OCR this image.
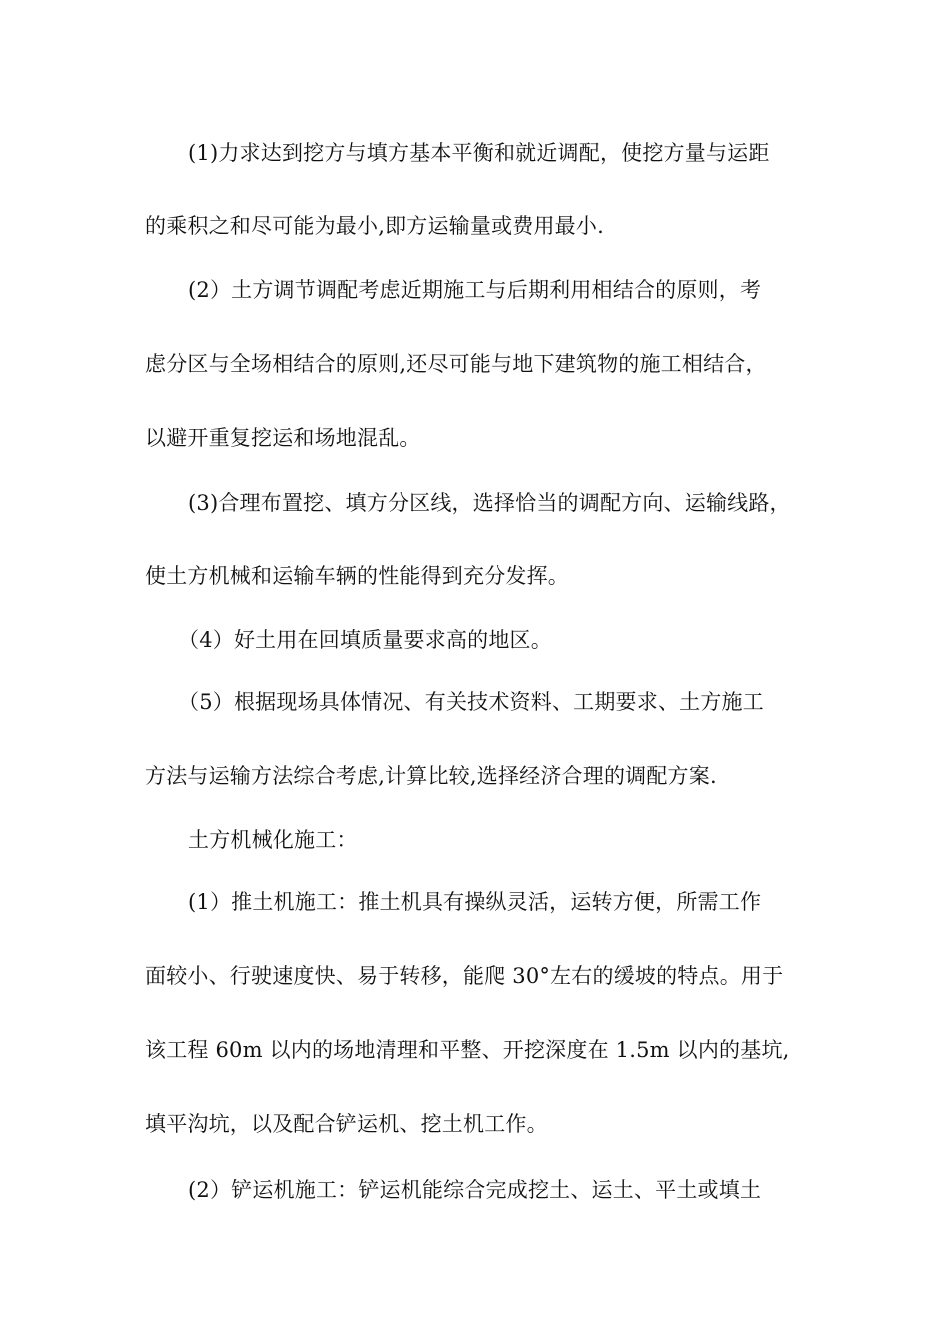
(1)力求达到挖方与填方基本平衡和就近调配，使挖方量与运距
的乘积之和尽可能为最小,即方运输量或费用最小.
(2）土方调节调配考虑近期施工与后期利用相结合的原则，考
虑分区与全场相结合的原则,还尽可能与地下建筑物的施工相结合，
以避开重复挖运和场地混乱。
(3)合理布置挖、填方分区线，选择恰当的调配方向、运输线路，
使土方机械和运输车辆的性能得到充分发挥。
（4）好土用在回填质量要求高的地区。
（5）根据现场具体情况、有关技术资料、工期要求、土方施工
方法与运输方法综合考虑,计算比较,选择经济合理的调配方案.
土方机械化施工：
(1）推土机施工：推土机具有操纵灵活，运转方便，所需工作
面较小、行驶速度快、易于转移，能爬 30°左右的缓坡的特点。用于
该工程 60m 以内的场地清理和平整、开挖深度在 1.5m 以内的基坑,
填平沟坑，以及配合铲运机、挖土机工作。
(2）铲运机施工：铲运机能综合完成挖土、运土、平土或填土
